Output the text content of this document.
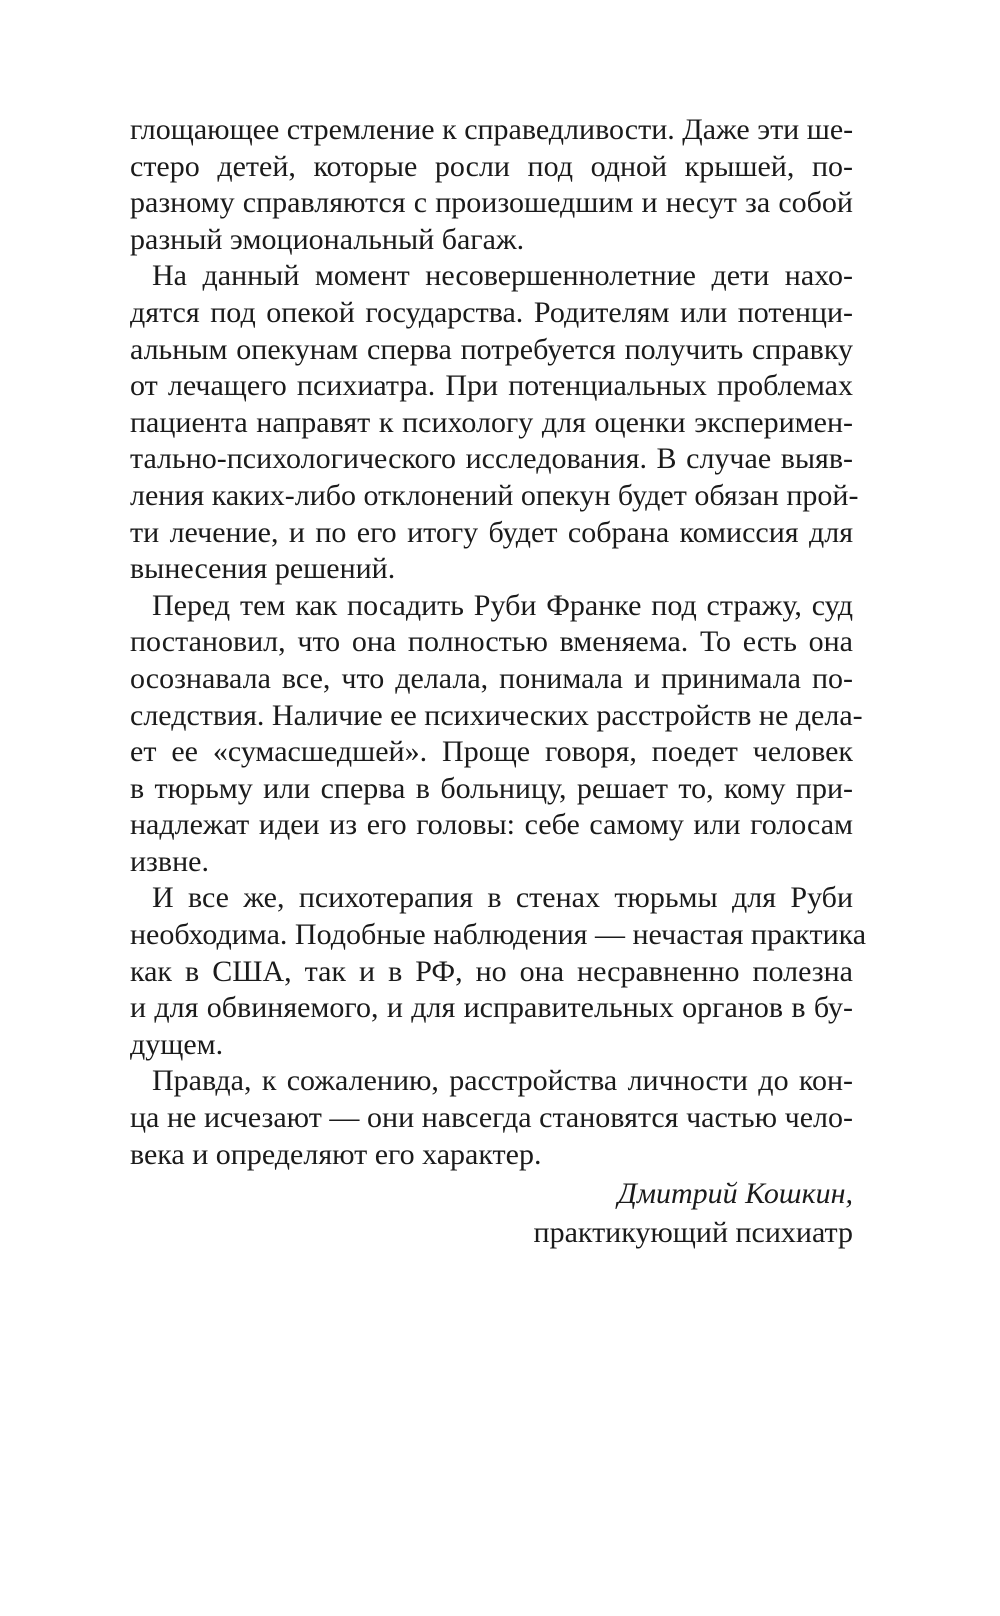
глощающее стремление к справедливости. Даже эти ше-
стеро детей, которые росли под одной крышей, по-
разному справляются с произошедшим и несут за собой
разный эмоциональный багаж.

На данный момент несовершеннолетние дети нахо-
дятся под опекой государства. Родителям или потенци-
альным опекунам сперва потребуется получить справку
от лечащего психиатра. При потенциальных проблемах
пациента направят к психологу для оценки эксперимен-
тально-психологического исследования. В случае выяв-
ления каких-либо отклонений опекун будет обязан прой-
ти лечение, и по его итогу будет собрана комиссия для
вынесения решений.

Перед тем как посадить Руби Франке под стражу, суд
постановил, что она полностью вменяема. То есть она
осознавала все, что делала, понимала и принимала по-
следствия. Наличие ее психических расстройств не дела-
ет ее «сумасшедшей». Проще говоря, поедет человек
в тюрьму или сперва в больницу, решает то, кому при-
надлежат идеи из его головы: себе самому или голосам
извне.

И все же, психотерапия в стенах тюрьмы для Руби
необходима. Подобные наблюдения — нечастая практика
как в США, так и в РФ, но она несравненно полезна
и для обвиняемого, и для исправительных органов в бу-
дущем.

Правда, к сожалению, расстройства личности до кон-
ца не исчезают — они навсегда становятся частью чело-
века и определяют его характер.

Дмитрий Кошкин,
практикующий психиатр
